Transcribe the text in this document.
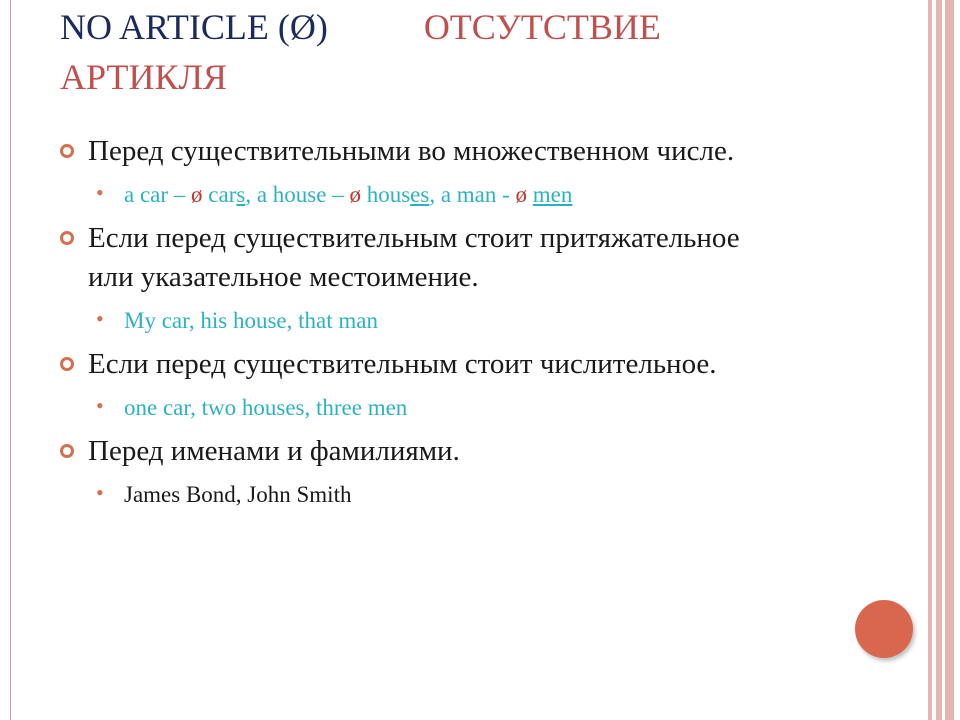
NO ARTICLE (Ø)	ОТСУТСТВИЕ
АРТИКЛЯ
Перед существительными во множественном числе.
• a car – ø cars, a house – ø houses, a man - ø men
Если перед существительным стоит притяжательное или указательное местоимение.
• My car, his house, that man
Если перед существительным стоит числительное.
• one car, two houses, three men
Перед именами и фамилиями.
• James Bond, John Smith
